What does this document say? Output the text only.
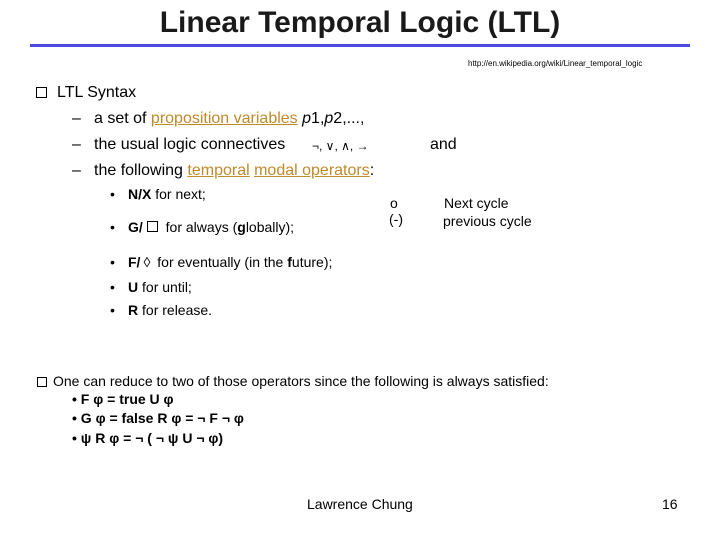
Linear Temporal Logic (LTL)
http://en.wikipedia.org/wiki/Linear_temporal_logic
LTL Syntax
– a set of proposition variables p1,p2,...,
– the usual logic connectives ¬, ∨, ∧, →	and
– the following temporal modal operators:
• N/X for next;
• G/ for always (globally);
• F/ ◊ for eventually (in the future);
• U for until;
• R for release.
o
(-)
Next cycle
previous cycle
One can reduce to two of those operators since the following is always satisfied:
• F φ = true U φ
• G φ = false R φ = ¬ F ¬ φ
• ψ R φ = ¬ ( ¬ ψ U ¬ φ)
Lawrence Chung	16
